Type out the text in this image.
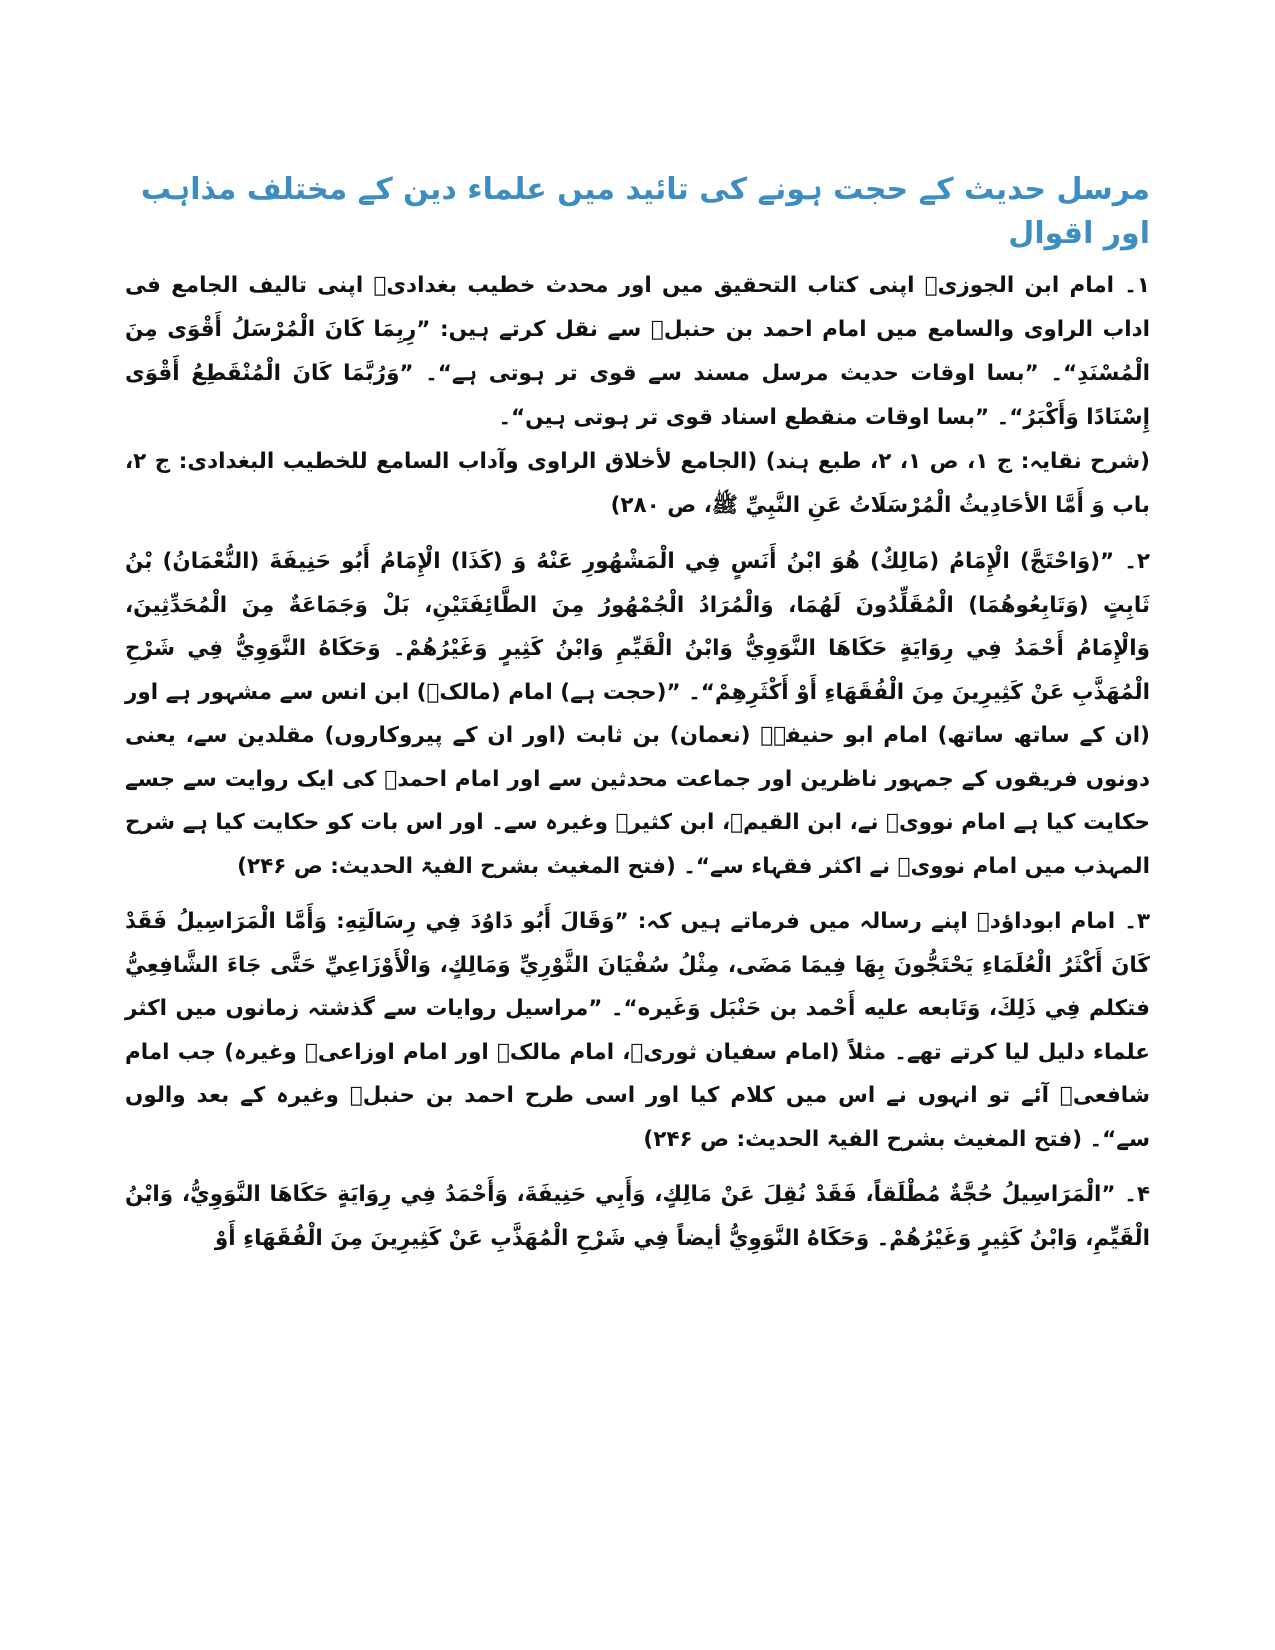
مرسل حدیث کے حجت ہونے کی تائید میں علماء دین کے مختلف مذاہب اور اقوال

۱۔ امام ابن الجوزیؒ اپنی کتاب التحقیق میں اور محدث خطیب بغدادیؒ اپنی تالیف الجامع فی اداب الراوی والسامع میں امام احمد بن حنبلؒ سے نقل کرتے ہیں: ”رِبِمَا كَانَ الْمُرْسَلُ أَقْوَى مِنَ الْمُسْنَدِ“۔ ”بسا اوقات حدیث مرسل مسند سے قوی تر ہوتی ہے“۔ ”وَرُبَّمَا كَانَ الْمُنْقَطِعُ أَقْوَى إِسْنَادًا وَأَكْبَرُ“۔ ”بسا اوقات منقطع اسناد قوی تر ہوتی ہیں“۔

(شرح نقایہ: ج ۱، ص ۱، ۲، طبع ہند) (الجامع لأخلاق الراوی وآداب السامع للخطیب البغدادی: ج ۲، باب وَ أَمَّا الأحَادِيثُ الْمُرْسَلَاتُ عَنِ النَّبِيِّ ﷺ، ص ۲۸۰)

۲۔ ”(وَاحْتَجَّ) الْإِمَامُ (مَالِكٌ) هُوَ ابْنُ أَنَسٍ فِي الْمَشْهُورِ عَنْهُ وَ (كَذَا) الْإِمَامُ أَبُو حَنِيفَةَ (النُّعْمَانُ) بْنُ ثَابِتٍ (وَتَابِعُوهُمَا) الْمُقَلِّدُونَ لَهُمَا، وَالْمُرَادُ الْجُمْهُورُ مِنَ الطَّائِفَتَيْنِ، بَلْ وَجَمَاعَةٌ مِنَ الْمُحَدِّثِينَ، وَالْإِمَامُ أَحْمَدُ فِي رِوَايَةٍ حَكَاهَا النَّوَوِيُّ وَابْنُ الْقَيِّمِ وَابْنُ كَثِيرٍ وَغَيْرُهُمْ۔ وَحَكَاهُ النَّوَوِيُّ فِي شَرْحِ الْمُهَذَّبِ عَنْ كَثِيرِينَ مِنَ الْفُقَهَاءِ أَوْ أَكْثَرِهِمْ“۔ ”(حجت ہے) امام (مالکؒ) ابن انس سے مشہور ہے اور (ان کے ساتھ ساتھ) امام ابو حنیفہؒ (نعمان) بن ثابت (اور ان کے پیروکاروں) مقلدین سے، یعنی دونوں فریقوں کے جمہور ناظرین اور جماعت محدثین سے اور امام احمدؒ کی ایک روایت سے جسے حکایت کیا ہے امام نوویؒ نے، ابن القیمؒ، ابن کثیرؒ وغیرہ سے۔ اور اس بات کو حکایت کیا ہے شرح المہذب میں امام نوویؒ نے اکثر فقہاء سے“۔ (فتح المغیث بشرح الفیۃ الحدیث: ص ۲۴۶)

۳۔ امام ابوداؤدؒ اپنے رسالہ میں فرماتے ہیں کہ: ”وَقَالَ أَبُو دَاوُدَ فِي رِسَالَتِهِ: وَأَمَّا الْمَرَاسِيلُ فَقَدْ كَانَ أَكْثَرُ الْعُلَمَاءِ يَحْتَجُّونَ بِهَا فِيمَا مَضَى، مِثْلُ سُفْيَانَ الثَّوْرِيِّ وَمَالِكٍ، وَالْأَوْزَاعِيِّ حَتَّى جَاءَ الشَّافِعِيُّ فتكلم فِي ذَلِكَ، وَتَابعه عليه أَحْمد بن حَنْبَل وَغَيره“۔ ”مراسیل روایات سے گذشتہ زمانوں میں اکثر علماء دلیل لیا کرتے تھے۔ مثلاً (امام سفیان ثوریؒ، امام مالکؒ اور امام اوزاعیؒ وغیرہ) جب امام شافعیؒ آئے تو انہوں نے اس میں کلام کیا اور اسی طرح احمد بن حنبلؒ وغیرہ کے بعد والوں سے“۔ (فتح المغیث بشرح الفیۃ الحدیث: ص ۲۴۶)

۴۔ ”الْمَرَاسِيلُ حُجَّةٌ مُطْلَقاً، فَقَدْ نُقِلَ عَنْ مَالِكٍ، وَأَبِي حَنِيفَةَ، وَأَحْمَدُ فِي رِوَايَةٍ حَكَاهَا النَّوَوِيُّ، وَابْنُ الْقَيِّمِ، وَابْنُ كَثِيرٍ وَغَيْرُهُمْ۔ وَحَكَاهُ النَّوَوِيُّ أيضاً فِي شَرْحِ الْمُهَذَّبِ عَنْ كَثِيرِينَ مِنَ الْفُقَهَاءِ أَوْ
